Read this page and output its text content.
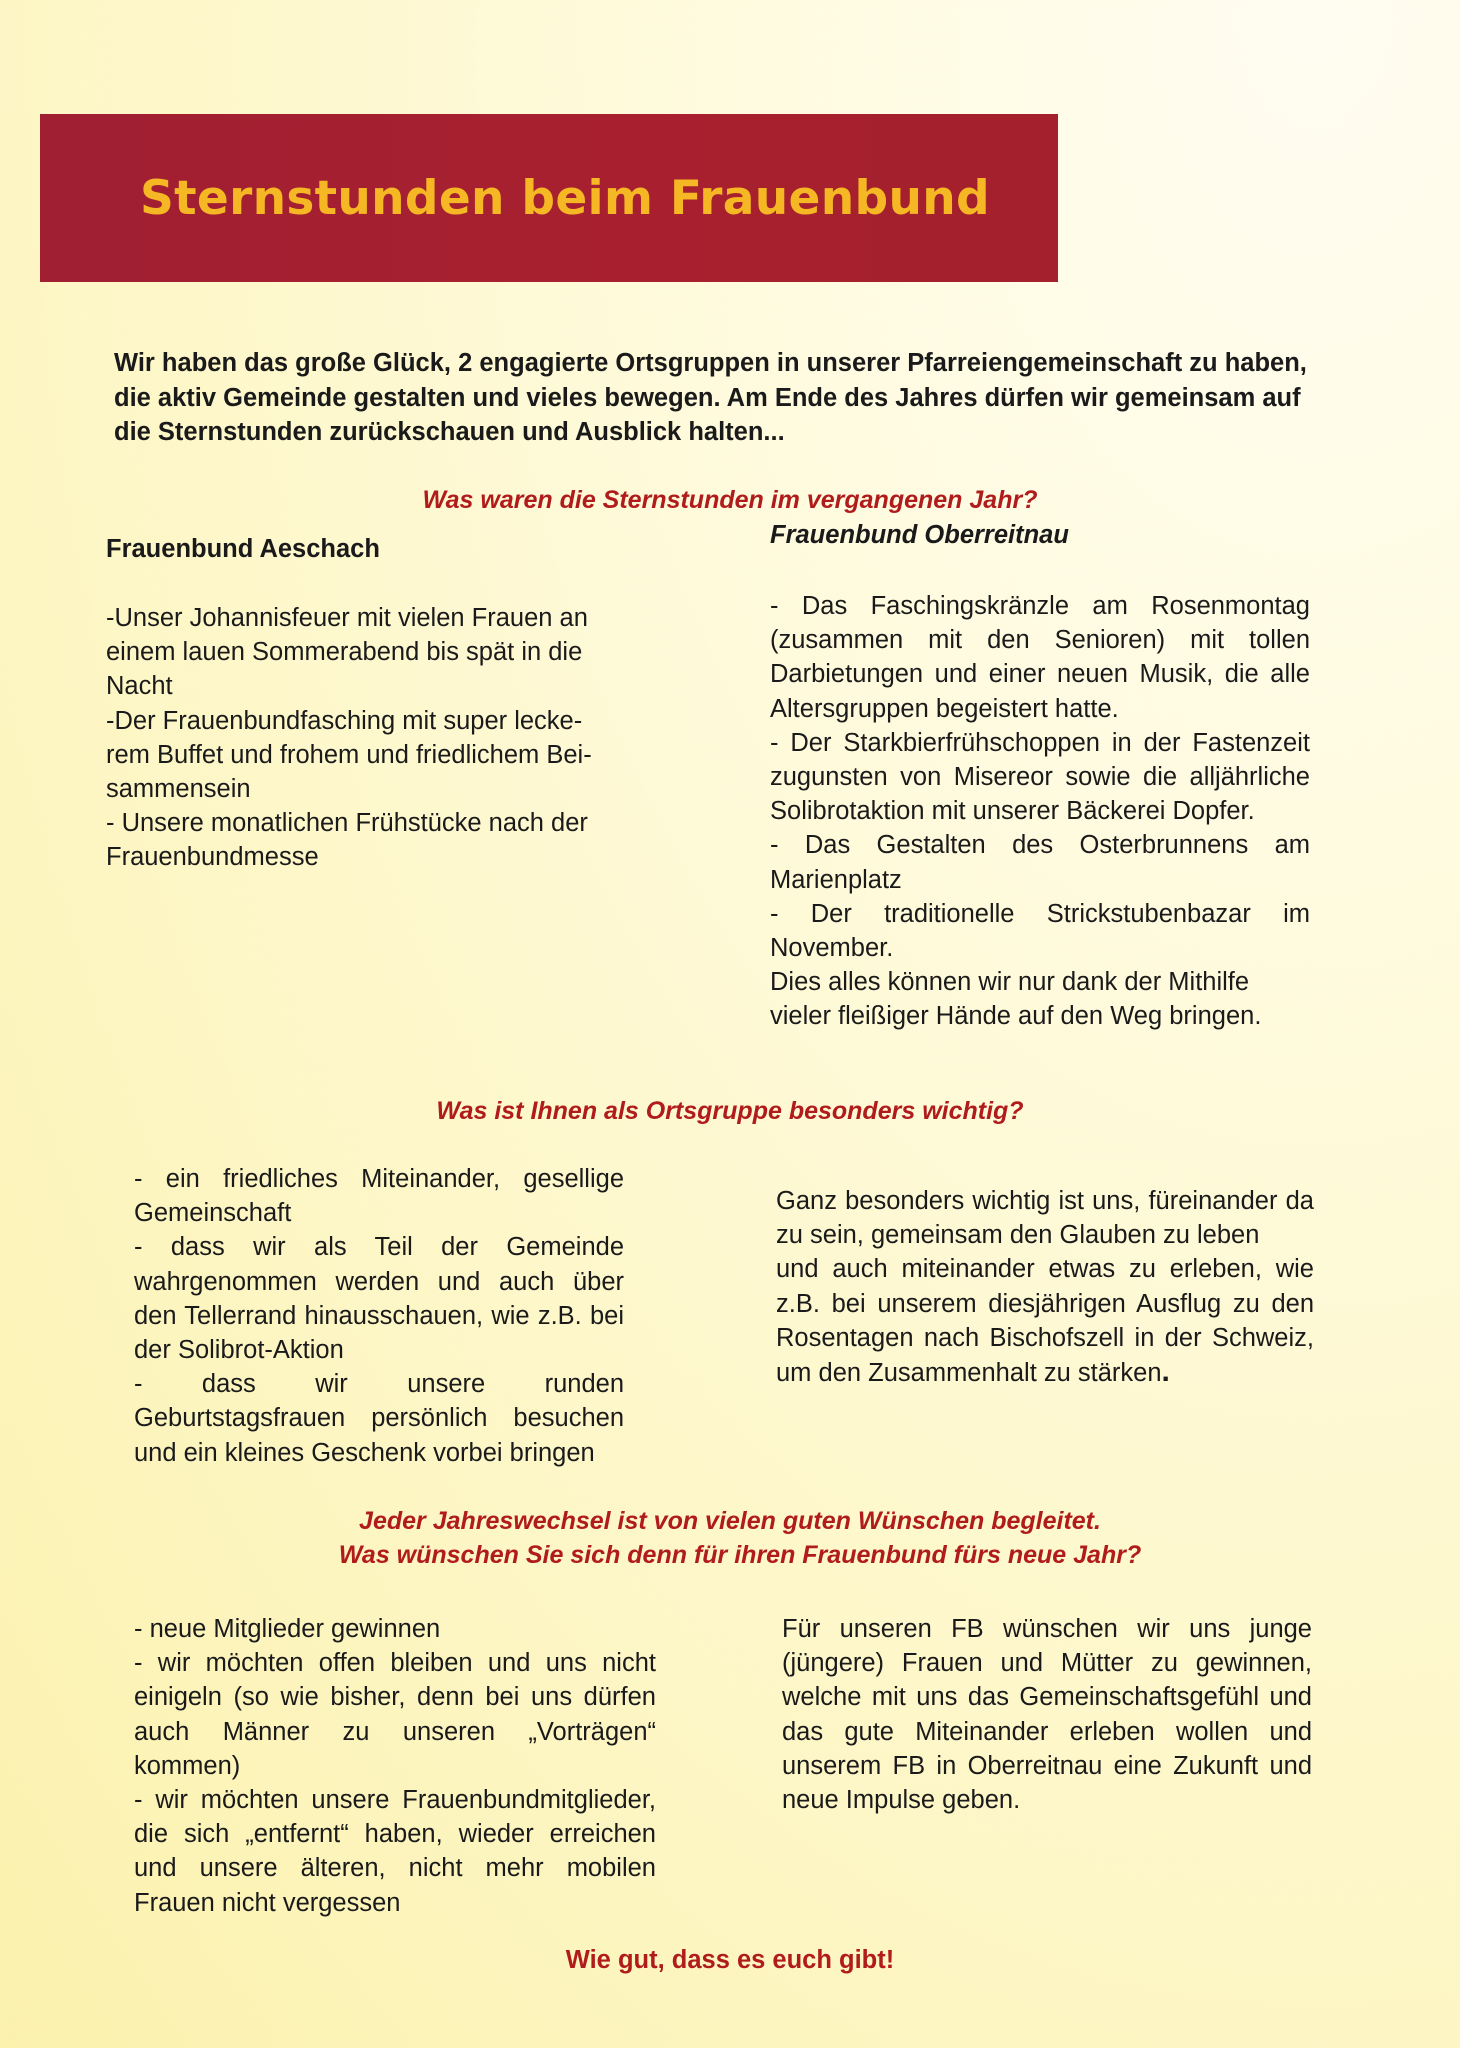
Sternstunden beim Frauenbund

Wir haben das große Glück, 2 engagierte Ortsgruppen in unserer Pfarreiengemeinschaft zu haben, die aktiv Gemeinde gestalten und vieles bewegen. Am Ende des Jahres dürfen wir gemeinsam auf die Sternstunden zurückschauen und Ausblick halten...

Was waren die Sternstunden im vergangenen Jahr?

Frauenbund Aeschach

-Unser Johannisfeuer mit vielen Frauen an

einem lauen Sommerabend bis spät in die

Nacht

-Der Frauenbundfasching mit super lecke-

rem Buffet und frohem und friedlichem Bei-

sammensein

- Unsere monatlichen Frühstücke nach der

Frauenbundmesse

Frauenbund Oberreitnau

- Das Faschingskränzle am Rosenmontag (zusammen mit den Senioren) mit tollen Darbietungen und einer neuen Musik, die alle Altersgruppen begeistert hatte.

- Der Starkbierfrühschoppen in der Fastenzeit zugunsten von Misereor sowie die alljährliche Solibrotaktion mit unserer Bäckerei Dopfer.

- Das Gestalten des Osterbrunnens am Marienplatz

- Der traditionelle Strickstubenbazar im November.

Dies alles können wir nur dank der Mithilfe vieler fleißiger Hände auf den Weg bringen.

Was ist Ihnen als Ortsgruppe besonders wichtig?

- ein friedliches Miteinander, gesellige Gemeinschaft

- dass wir als Teil der Gemeinde wahrgenommen werden und auch über den Tellerrand hinausschauen, wie z.B. bei der Solibrot-Aktion

- dass wir unsere runden Geburtstagsfrauen persönlich besuchen und ein kleines Geschenk vorbei bringen

Ganz besonders wichtig ist uns, füreinander da zu sein, gemeinsam den Glauben zu leben

und auch miteinander etwas zu erleben, wie z.B. bei unserem diesjährigen Ausflug zu den Rosentagen nach Bischofszell in der Schweiz, um den Zusammenhalt zu stärken.

Jeder Jahreswechsel ist von vielen guten Wünschen begleitet.

Was wünschen Sie sich denn für ihren Frauenbund fürs neue Jahr?

- neue Mitglieder gewinnen

- wir möchten offen bleiben und uns nicht einigeln (so wie bisher, denn bei uns dürfen auch Männer zu unseren „Vorträgen“ kommen)

- wir möchten unsere Frauenbundmitglieder, die sich „entfernt“ haben, wieder erreichen und unsere älteren, nicht mehr mobilen Frauen nicht vergessen

Für unseren FB wünschen wir uns junge (jüngere) Frauen und Mütter zu gewinnen, welche mit uns das Gemeinschaftsgefühl und das gute Miteinander erleben wollen und unserem FB in Oberreitnau eine Zukunft und neue Impulse geben.

Wie gut, dass es euch gibt!
